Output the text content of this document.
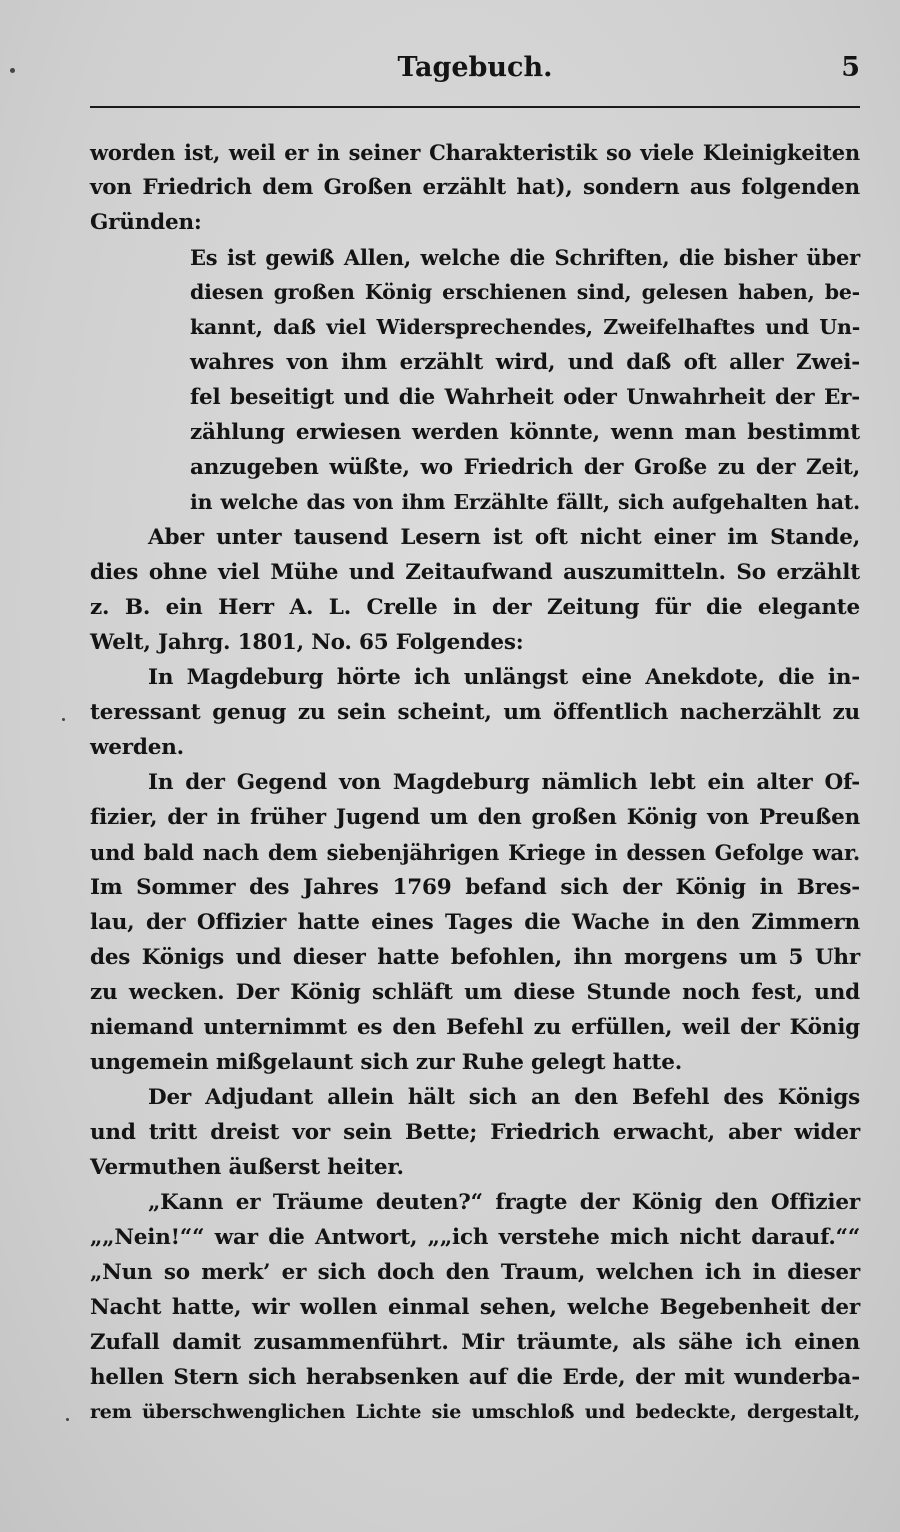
Tagebuch.	5
worden ist, weil er in seiner Charakteristik so viele Kleinigkeiten
von Friedrich dem Großen erzählt hat), sondern aus folgenden
Gründen:
Es ist gewiß Allen, welche die Schriften, die bisher über
diesen großen König erschienen sind, gelesen haben, be-
kannt, daß viel Widersprechendes, Zweifelhaftes und Un-
wahres von ihm erzählt wird, und daß oft aller Zwei-
fel beseitigt und die Wahrheit oder Unwahrheit der Er-
zählung erwiesen werden könnte, wenn man bestimmt
anzugeben wüßte, wo Friedrich der Große zu der Zeit,
in welche das von ihm Erzählte fällt, sich aufgehalten hat.
Aber unter tausend Lesern ist oft nicht einer im Stande,
dies ohne viel Mühe und Zeitaufwand auszumitteln. So erzählt
z. B. ein Herr A. L. Crelle in der Zeitung für die elegante
Welt, Jahrg. 1801, No. 65 Folgendes:
In Magdeburg hörte ich unlängst eine Anekdote, die in-
teressant genug zu sein scheint, um öffentlich nacherzählt zu
werden.
In der Gegend von Magdeburg nämlich lebt ein alter Of-
fizier, der in früher Jugend um den großen König von Preußen
und bald nach dem siebenjährigen Kriege in dessen Gefolge war.
Im Sommer des Jahres 1769 befand sich der König in Bres-
lau, der Offizier hatte eines Tages die Wache in den Zimmern
des Königs und dieser hatte befohlen, ihn morgens um 5 Uhr
zu wecken. Der König schläft um diese Stunde noch fest, und
niemand unternimmt es den Befehl zu erfüllen, weil der König
ungemein mißgelaunt sich zur Ruhe gelegt hatte.
Der Adjudant allein hält sich an den Befehl des Königs
und tritt dreist vor sein Bette; Friedrich erwacht, aber wider
Vermuthen äußerst heiter.
„Kann er Träume deuten?“ fragte der König den Offizier
„„Nein!““ war die Antwort, „„ich verstehe mich nicht darauf.““
„Nun so merk’ er sich doch den Traum, welchen ich in dieser
Nacht hatte, wir wollen einmal sehen, welche Begebenheit der
Zufall damit zusammenführt. Mir träumte, als sähe ich einen
hellen Stern sich herabsenken auf die Erde, der mit wunderba-
rem überschwenglichen Lichte sie umschloß und bedeckte, dergestalt,
